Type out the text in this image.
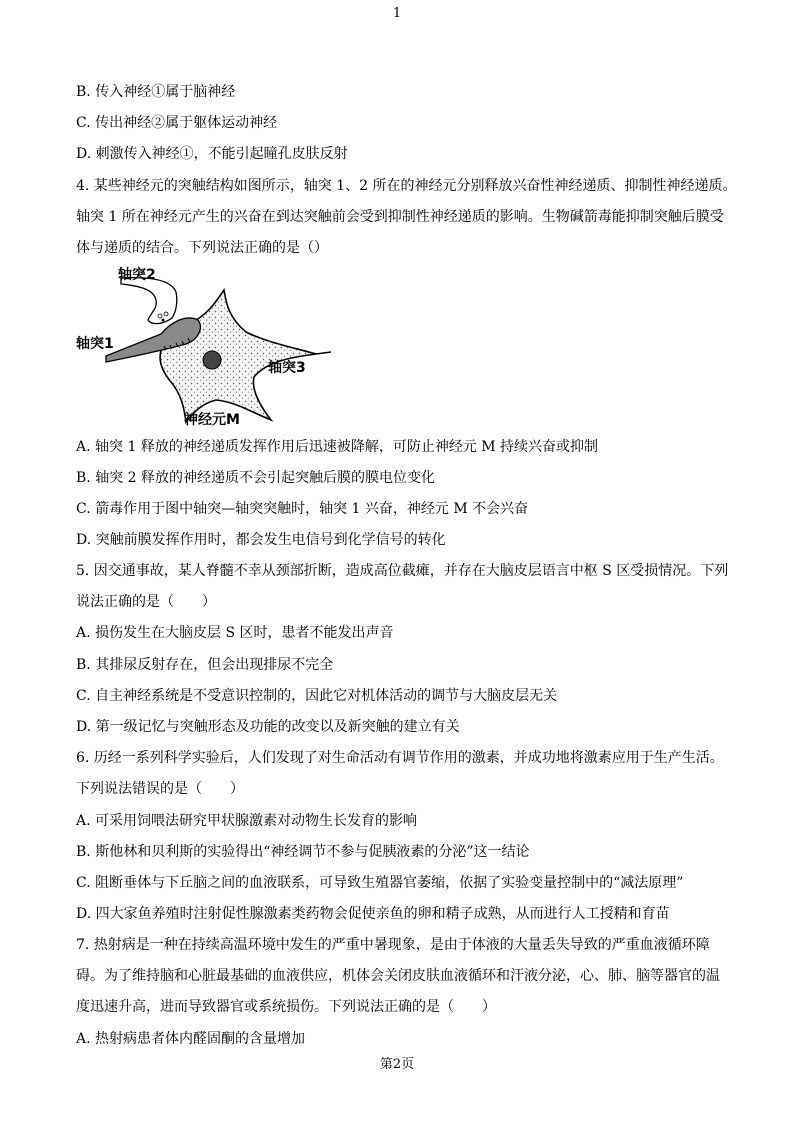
1
B. 传入神经①属于脑神经
C. 传出神经②属于躯体运动神经
D. 刺激传入神经①，不能引起瞳孔皮肤反射
4. 某些神经元的突触结构如图所示，轴突 1、2 所在的神经元分别释放兴奋性神经递质、抑制性神经递质。
轴突 1 所在神经元产生的兴奋在到达突触前会受到抑制性神经递质的影响。生物碱箭毒能抑制突触后膜受
体与递质的结合。下列说法正确的是（）
轴突2
轴突1
轴突3
神经元M
A. 轴突 1 释放的神经递质发挥作用后迅速被降解，可防止神经元 M 持续兴奋或抑制
B. 轴突 2 释放的神经递质不会引起突触后膜的膜电位变化
C. 箭毒作用于图中轴突—轴突突触时，轴突 1 兴奋，神经元 M 不会兴奋
D. 突触前膜发挥作用时，都会发生电信号到化学信号的转化
5. 因交通事故，某人脊髓不幸从颈部折断，造成高位截瘫，并存在大脑皮层语言中枢 S 区受损情况。下列
说法正确的是（　　）
A. 损伤发生在大脑皮层 S 区时，患者不能发出声音
B. 其排尿反射存在，但会出现排尿不完全
C. 自主神经系统是不受意识控制的，因此它对机体活动的调节与大脑皮层无关
D. 第一级记忆与突触形态及功能的改变以及新突触的建立有关
6. 历经一系列科学实验后，人们发现了对生命活动有调节作用的激素，并成功地将激素应用于生产生活。
下列说法错误的是（　　）
A. 可采用饲喂法研究甲状腺激素对动物生长发育的影响
B. 斯他林和贝利斯的实验得出“神经调节不参与促胰液素的分泌”这一结论
C. 阻断垂体与下丘脑之间的血液联系，可导致生殖器官萎缩，依据了实验变量控制中的“减法原理”
D. 四大家鱼养殖时注射促性腺激素类药物会促使亲鱼的卵和精子成熟，从而进行人工授精和育苗
7. 热射病是一种在持续高温环境中发生的严重中暑现象，是由于体液的大量丢失导致的严重血液循环障
碍。为了维持脑和心脏最基础的血液供应，机体会关闭皮肤血液循环和汗液分泌，心、肺、脑等器官的温
度迅速升高，进而导致器官或系统损伤。下列说法正确的是（　　）
A. 热射病患者体内醛固酮的含量增加
第2页
